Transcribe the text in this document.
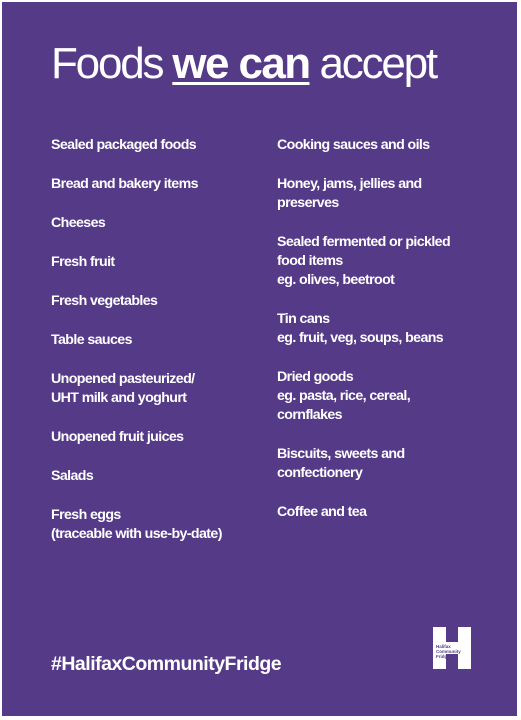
Foods we can accept
Sealed packaged foods
Bread and bakery items
Cheeses
Fresh fruit
Fresh vegetables
Table sauces
Unopened pasteurized/
UHT milk and yoghurt
Unopened fruit juices
Salads
Fresh eggs
(traceable with use-by-date)
Cooking sauces and oils
Honey, jams, jellies and
preserves
Sealed fermented or pickled
food items
eg. olives, beetroot
Tin cans
eg. fruit, veg, soups, beans
Dried goods
eg. pasta, rice, cereal,
cornflakes
Biscuits, sweets and
confectionery
Coffee and tea
#HalifaxCommunityFridge
Halifax
Community
Fridge
